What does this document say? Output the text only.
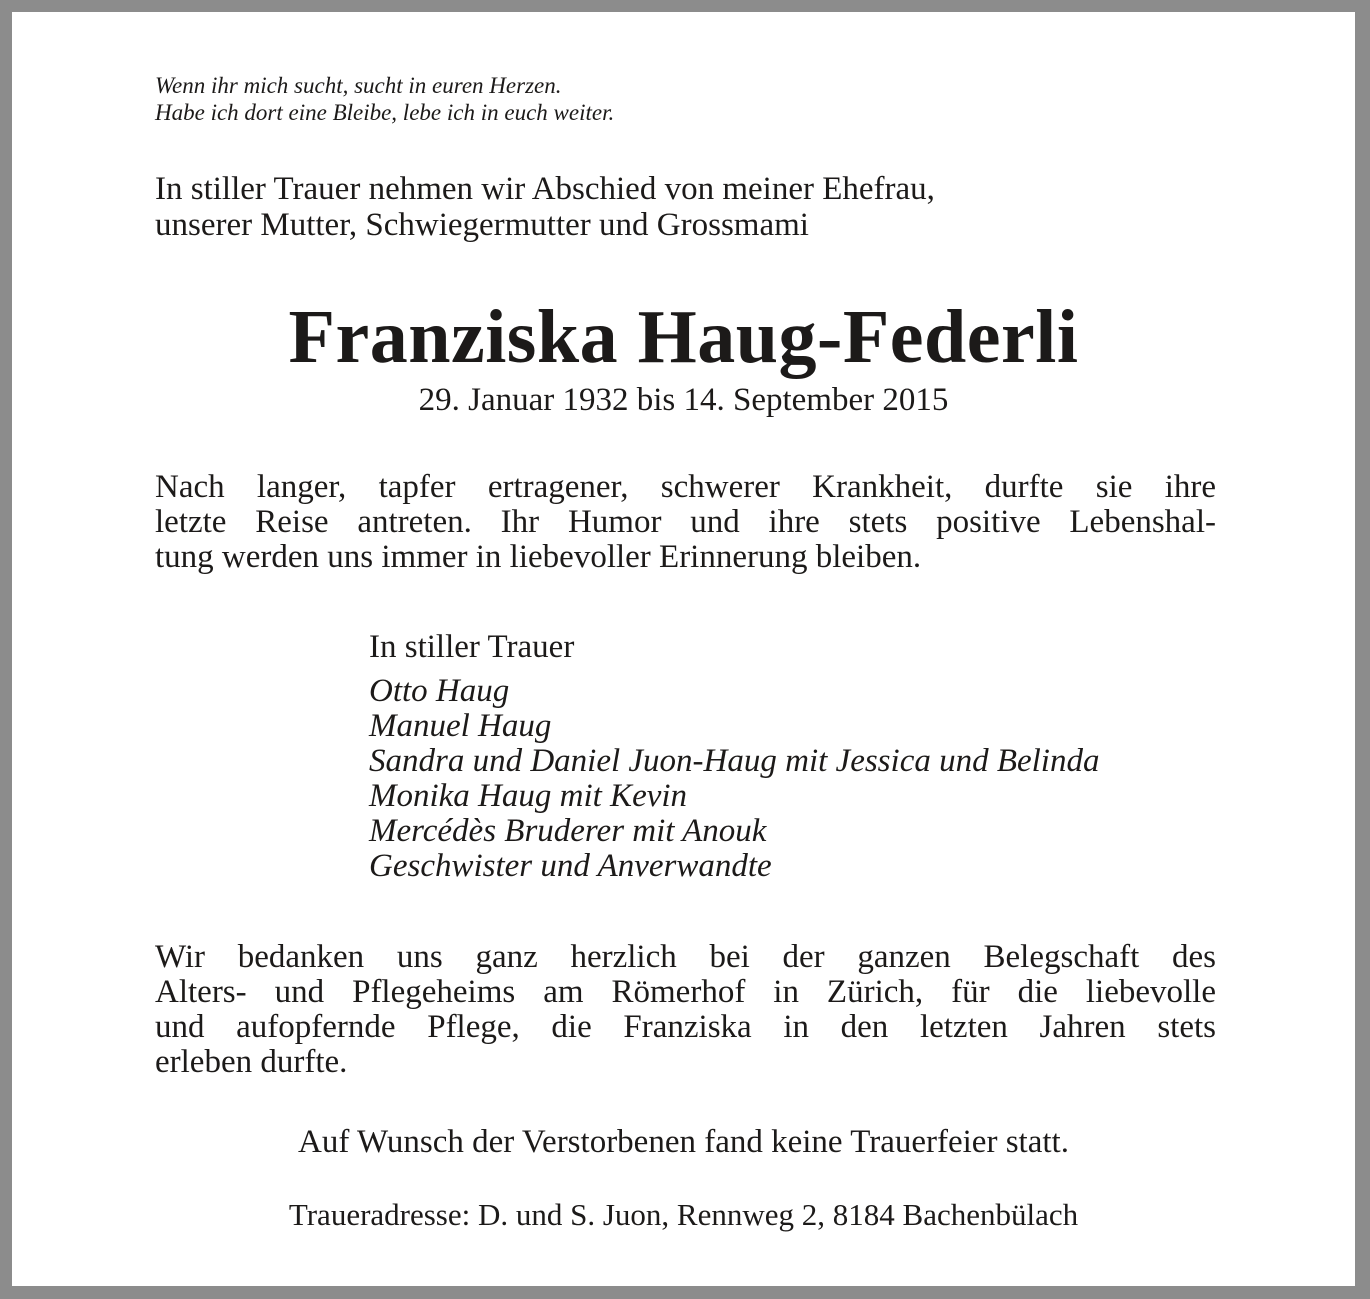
Wenn ihr mich sucht, sucht in euren Herzen.
Habe ich dort eine Bleibe, lebe ich in euch weiter.

In stiller Trauer nehmen wir Abschied von meiner Ehefrau,
unserer Mutter, Schwiegermutter und Grossmami

Franziska Haug-Federli

29. Januar 1932 bis 14. September 2015

Nach langer, tapfer ertragener, schwerer Krankheit, durfte sie ihre
letzte Reise antreten. Ihr Humor und ihre stets positive Lebenshal-
tung werden uns immer in liebevoller Erinnerung bleiben.

In stiller Trauer
Otto Haug
Manuel Haug
Sandra und Daniel Juon-Haug mit Jessica und Belinda
Monika Haug mit Kevin
Mercédès Bruderer mit Anouk
Geschwister und Anverwandte

Wir bedanken uns ganz herzlich bei der ganzen Belegschaft des
Alters- und Pflegeheims am Römerhof in Zürich, für die liebevolle
und aufopfernde Pflege, die Franziska in den letzten Jahren stets
erleben durfte.

Auf Wunsch der Verstorbenen fand keine Trauerfeier statt.

Traueradresse: D. und S. Juon, Rennweg 2, 8184 Bachenbülach
